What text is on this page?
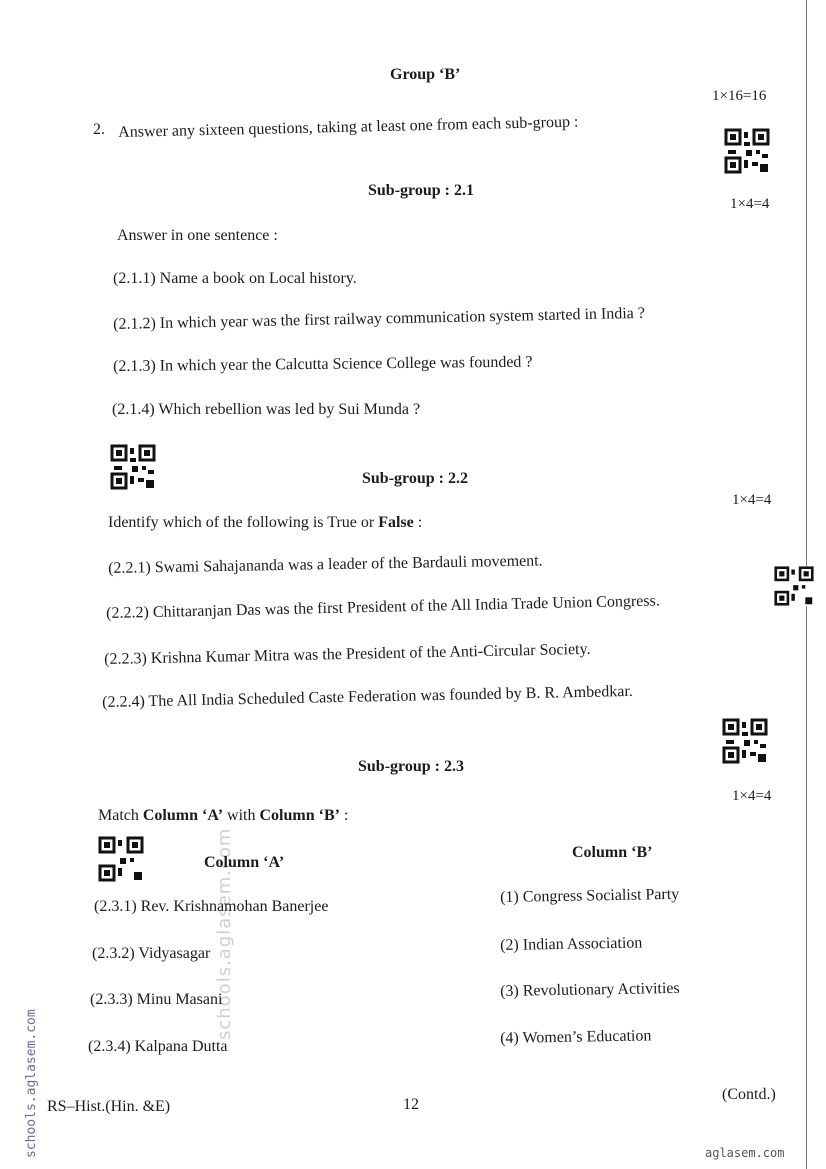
schools.aglasem.com
schools.aglasem.com
Group ‘B’
1×16=16
2. Answer any sixteen questions, taking at least one from each sub-group :
Sub-group : 2.1
1×4=4
Answer in one sentence :
(2.1.1) Name a book on Local history.
(2.1.2) In which year was the first railway communication system started in India ?
(2.1.3) In which year the Calcutta Science College was founded ?
(2.1.4) Which rebellion was led by Sui Munda ?
Sub-group : 2.2
1×4=4
Identify which of the following is True or False :
(2.2.1) Swami Sahajananda was a leader of the Bardauli movement.
(2.2.2) Chittaranjan Das was the first President of the All India Trade Union Congress.
(2.2.3) Krishna Kumar Mitra was the President of the Anti-Circular Society.
(2.2.4) The All India Scheduled Caste Federation was founded by B. R. Ambedkar.
Sub-group : 2.3
1×4=4
Match Column ‘A’ with Column ‘B’ :
Column ‘A’
Column ‘B’
(2.3.1) Rev. Krishnamohan Banerjee
(2.3.2) Vidyasagar
(2.3.3) Minu Masani
(2.3.4) Kalpana Dutta
(1) Congress Socialist Party
(2) Indian Association
(3) Revolutionary Activities
(4) Women’s Education
RS–Hist.(Hin. &E)	12
(Contd.)
aglasem.com
